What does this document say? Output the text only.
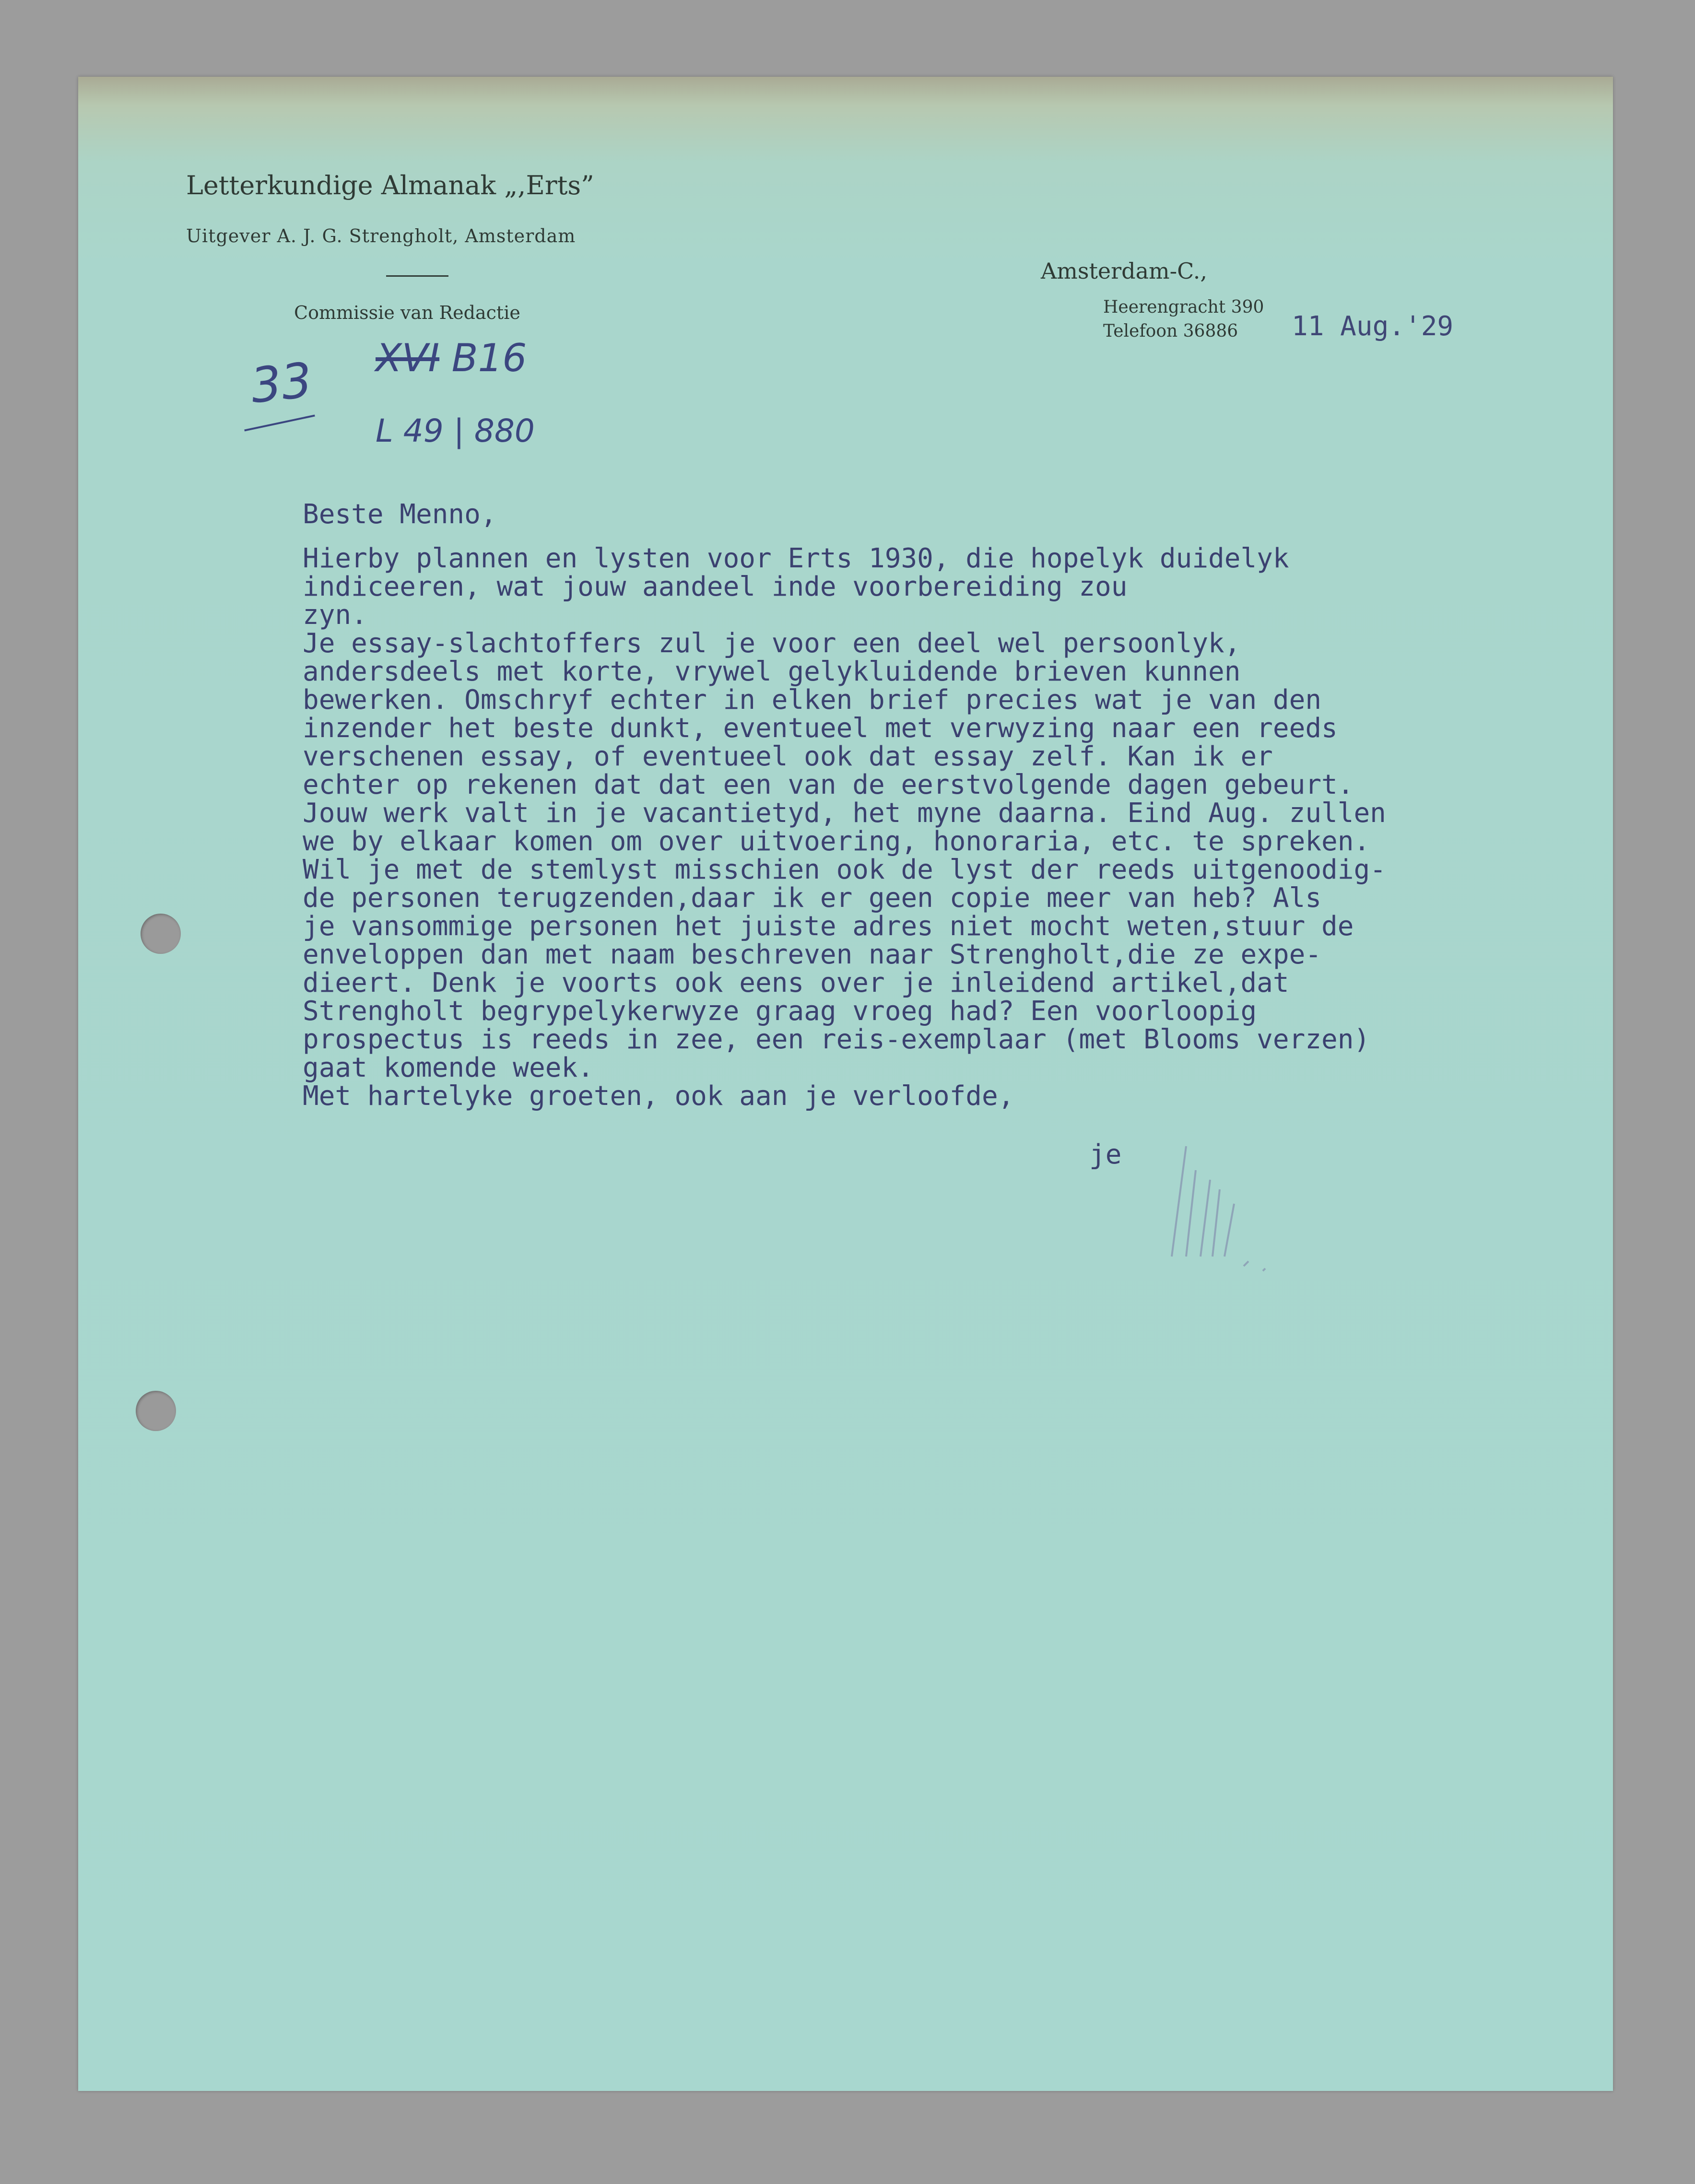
Letterkundige Almanak „,Erts”
Uitgever A. J. G. Strengholt, Amsterdam
Commissie van Redactie
Amsterdam-C.,
Heerengracht 390
Telefoon 36886 11 Aug.'29
33 XVI B16
L 49 | 880
Beste Menno,
Hierby plannen en lysten voor Erts 1930, die hopelyk duidelyk
indiceeren, wat jouw aandeel inde voorbereiding zou
zyn.
Je essay-slachtoffers zul je voor een deel wel persoonlyk,
andersdeels met korte, vrywel gelykluidende brieven kunnen
bewerken. Omschryf echter in elken brief precies wat je van den
inzender het beste dunkt, eventueel met verwyzing naar een reeds
verschenen essay, of eventueel ook dat essay zelf. Kan ik er
echter op rekenen dat dat een van de eerstvolgende dagen gebeurt.
Jouw werk valt in je vacantietyd, het myne daarna. Eind Aug. zullen
we by elkaar komen om over uitvoering, honoraria, etc. te spreken.
Wil je met de stemlyst misschien ook de lyst der reeds uitgenoodig-
de personen terugzenden,daar ik er geen copie meer van heb? Als
je vansommige personen het juiste adres niet mocht weten,stuur de
enveloppen dan met naam beschreven naar Strengholt,die ze expe-
dieert. Denk je voorts ook eens over je inleidend artikel,dat
Strengholt begrypelykerwyze graag vroeg had? Een voorloopig
prospectus is reeds in zee, een reis-exemplaar (met Blooms verzen)
gaat komende week.
Met hartelyke groeten, ook aan je verloofde,
je
